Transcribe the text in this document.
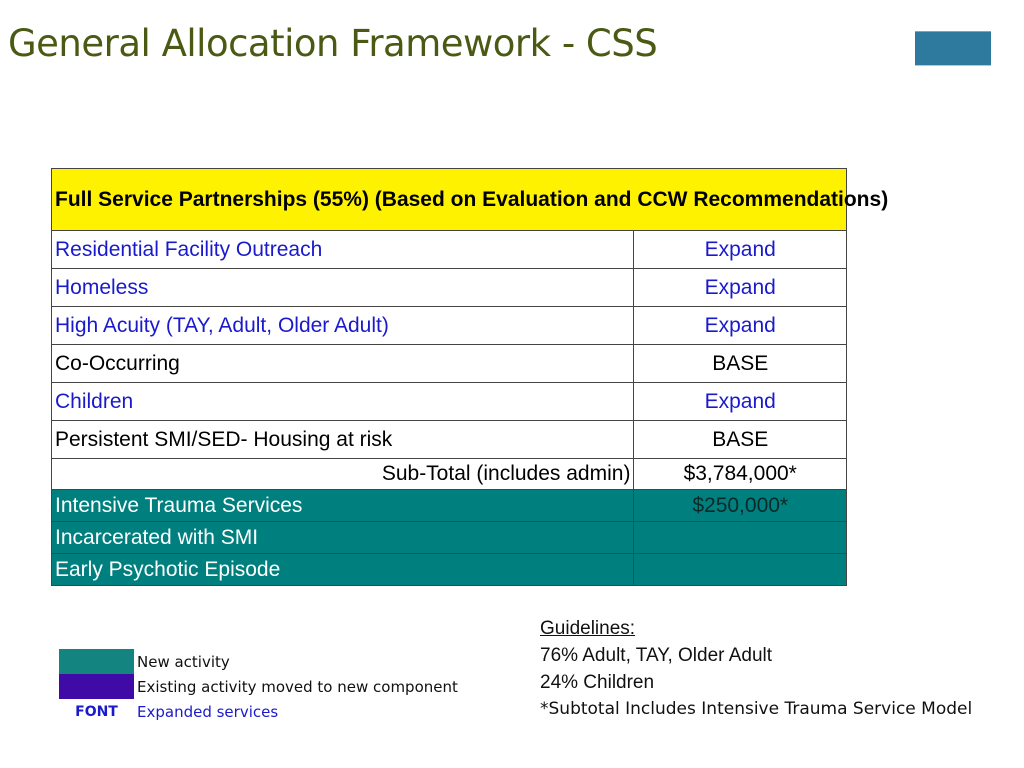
General Allocation Framework - CSS
Full Service Partnerships (55%) (Based on Evaluation and CCW Recommendations)	

Residential Facility Outreach	Expand
Homeless	Expand
High Acuity (TAY, Adult, Older Adult)	Expand
Co-Occurring	BASE
Children	Expand
Persistent SMI/SED- Housing at risk	BASE
Sub-Total (includes admin)	$3,784,000*
Intensive Trauma Services	$250,000*
Incarcerated with SMI	
Early Psychotic Episode	
New activity
Existing activity moved to new component
FONT	Expanded services
Guidelines:
76% Adult, TAY, Older Adult
24% Children
*Subtotal Includes Intensive Trauma Service Model
